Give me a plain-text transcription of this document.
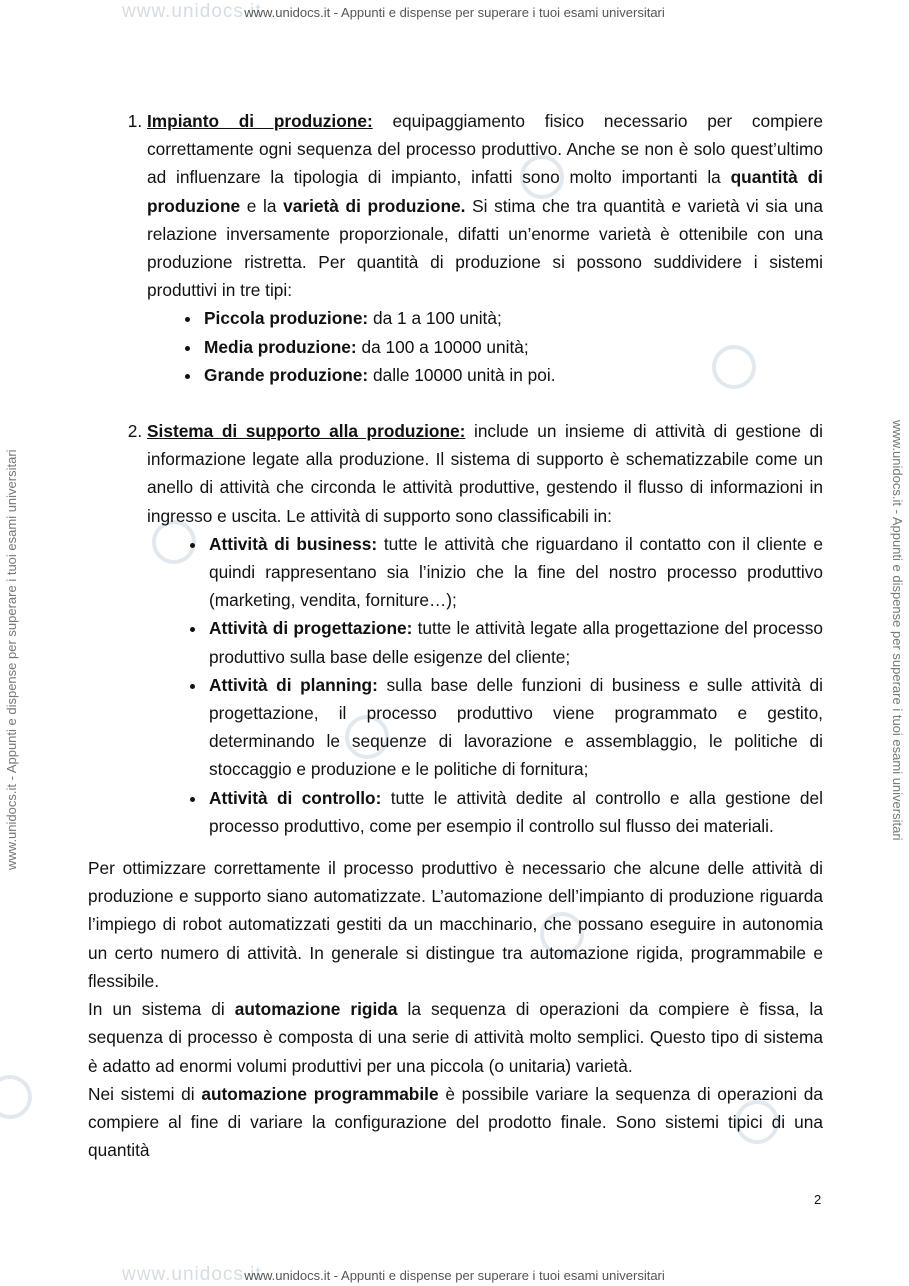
www.unidocs.it
www.unidocs.it - Appunti e dispense per superare i tuoi esami universitari
www.unidocs.it
www.unidocs.it - Appunti e dispense per superare i tuoi esami universitari
www.unidocs.it - Appunti e dispense per superare i tuoi esami universitari	www.unidocs.it - Appunti e dispense per superare i tuoi esami universitari
1. Impianto di produzione: equipaggiamento fisico necessario per compiere correttamente ogni sequenza del processo produttivo. Anche se non è solo quest’ultimo ad influenzare la tipologia di impianto, infatti sono molto importanti la quantità di produzione e la varietà di produzione. Si stima che tra quantità e varietà vi sia una relazione inversamente proporzionale, difatti un’enorme varietà è ottenibile con una produzione ristretta. Per quantità di produzione si possono suddividere i sistemi produttivi in tre tipi:
• Piccola produzione: da 1 a 100 unità;
• Media produzione: da 100 a 10000 unità;
• Grande produzione: dalle 10000 unità in poi.
2. Sistema di supporto alla produzione: include un insieme di attività di gestione di informazione legate alla produzione. Il sistema di supporto è schematizzabile come un anello di attività che circonda le attività produttive, gestendo il flusso di informazioni in ingresso e uscita. Le attività di supporto sono classificabili in:
• Attività di business: tutte le attività che riguardano il contatto con il cliente e quindi rappresentano sia l’inizio che la fine del nostro processo produttivo (marketing, vendita, forniture…);
• Attività di progettazione: tutte le attività legate alla progettazione del processo produttivo sulla base delle esigenze del cliente;
• Attività di planning: sulla base delle funzioni di business e sulle attività di progettazione, il processo produttivo viene programmato e gestito, determinando le sequenze di lavorazione e assemblaggio, le politiche di stoccaggio e produzione e le politiche di fornitura;
• Attività di controllo: tutte le attività dedite al controllo e alla gestione del processo produttivo, come per esempio il controllo sul flusso dei materiali.

Per ottimizzare correttamente il processo produttivo è necessario che alcune delle attività di produzione e supporto siano automatizzate. L’automazione dell’impianto di produzione riguarda l’impiego di robot automatizzati gestiti da un macchinario, che possano eseguire in autonomia un certo numero di attività. In generale si distingue tra automazione rigida, programmabile e flessibile.

In un sistema di automazione rigida la sequenza di operazioni da compiere è fissa, la sequenza di processo è composta di una serie di attività molto semplici. Questo tipo di sistema è adatto ad enormi volumi produttivi per una piccola (o unitaria) varietà.

Nei sistemi di automazione programmabile è possibile variare la sequenza di operazioni da compiere al fine di variare la configurazione del prodotto finale. Sono sistemi tipici di una quantità

2
